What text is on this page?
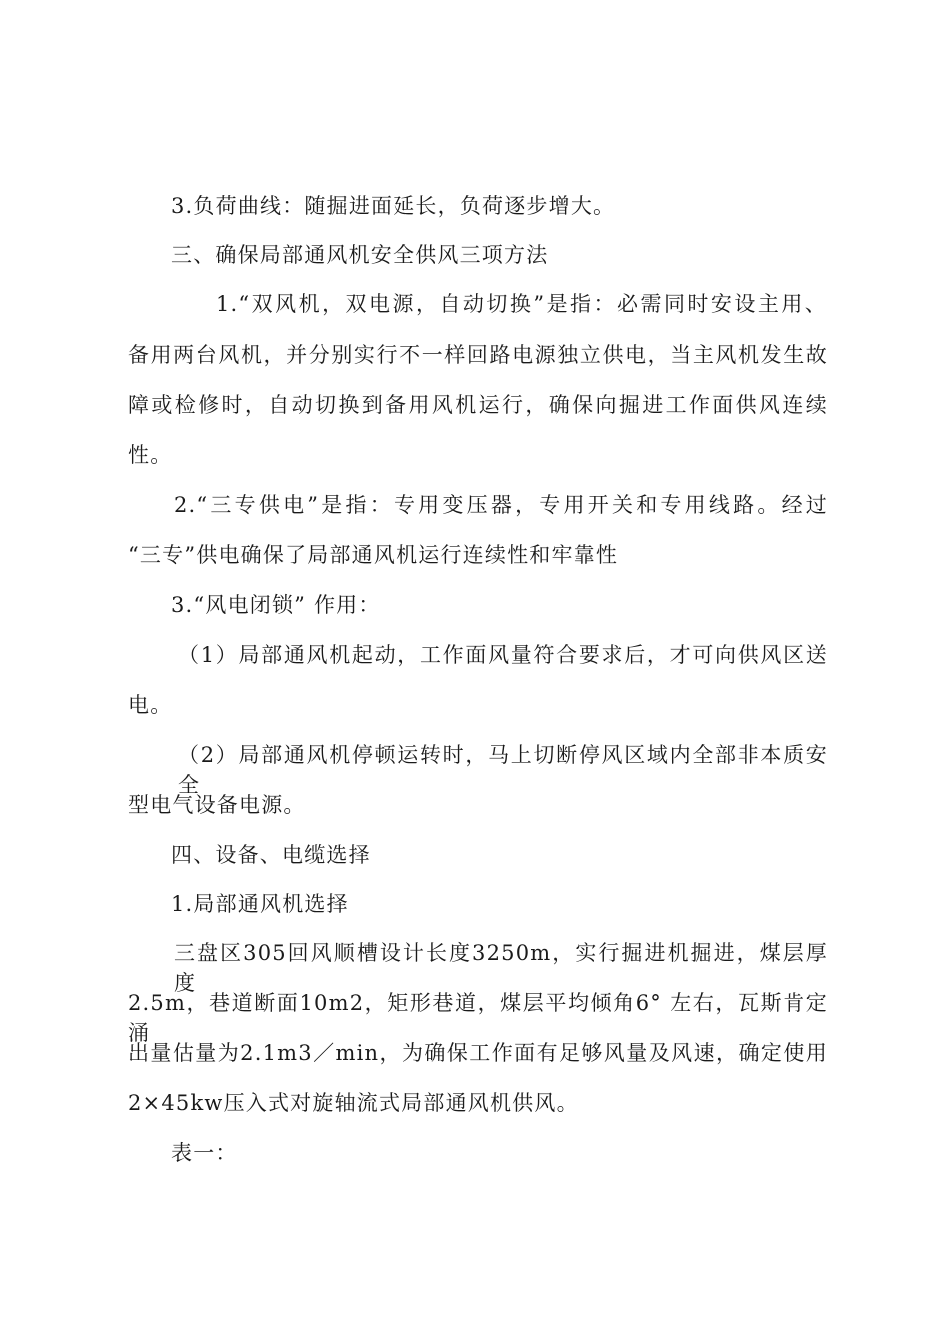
3.负荷曲线：随掘进面延长，负荷逐步增大。
三、确保局部通风机安全供风三项方法
1.“双风机，双电源，自动切换”是指：必需同时安设主用、
备用两台风机，并分别实行不一样回路电源独立供电，当主风机发生故
障或检修时，自动切换到备用风机运行，确保向掘进工作面供风连续
性。
2.“三专供电”是指：专用变压器，专用开关和专用线路。经过
“三专”供电确保了局部通风机运行连续性和牢靠性
3.“风电闭锁” 作用：
（1）局部通风机起动，工作面风量符合要求后，才可向供风区送
电。
（2）局部通风机停顿运转时，马上切断停风区域内全部非本质安全
型电气设备电源。
四、设备、电缆选择
1.局部通风机选择
三盘区305回风顺槽设计长度3250m，实行掘进机掘进，煤层厚度
2.5m，巷道断面10m2，矩形巷道，煤层平均倾角6° 左右，瓦斯肯定涌
出量估量为2.1m3／min，为确保工作面有足够风量及风速，确定使用
2×45kw压入式对旋轴流式局部通风机供风。
表一：
